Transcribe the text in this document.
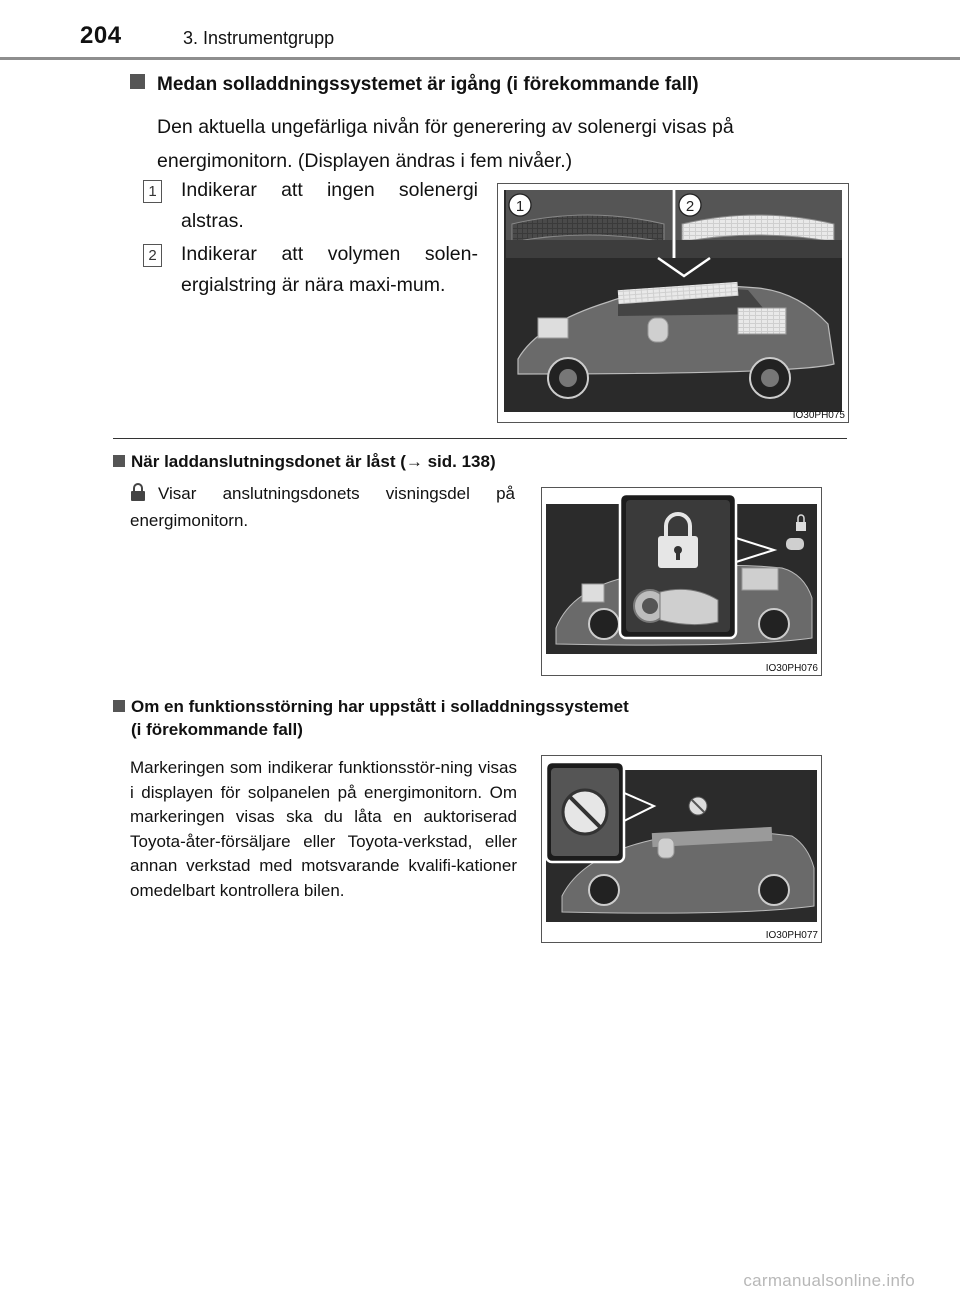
204	3. Instrumentgrupp
Medan solladdningssystemet är igång (i förekommande fall)
Den aktuella ungefärliga nivån för generering av solenergi visas på energimonitorn. (Displayen ändras i fem nivåer.)
1 Indikerar att ingen solenergi alstras.
2 Indikerar att volymen solen-ergialstring är nära maxi-mum.
1	2
IO30PH075
När laddanslutningsdonet är låst (→ sid. 138)
Visar anslutningsdonets visningsdel på energimonitorn.
IO30PH076
Om en funktionsstörning har uppstått i solladdningssystemet
(i förekommande fall)
Markeringen som indikerar funktionsstör-ning visas i displayen för solpanelen på energimonitorn. Om markeringen visas ska du låta en auktoriserad Toyota-åter-försäljare eller Toyota-verkstad, eller annan verkstad med motsvarande kvalifi-kationer omedelbart kontrollera bilen.
IO30PH077
carmanualsonline.info
